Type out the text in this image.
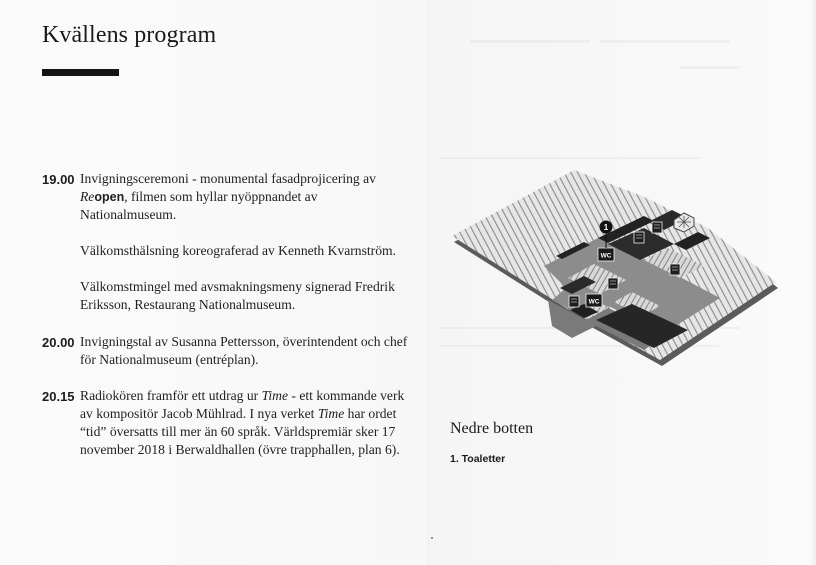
Kvällens program
19.00 Invigningsceremoni - monumental fasadprojicering av Reopen, filmen som hyllar nyöppnandet av Nationalmuseum.

Välkomsthälsning koreograferad av Kenneth Kvarnström.

Välkomstmingel med avsmakningsmeny signerad Fredrik Eriksson, Restaurang Nationalmuseum.

20.00 Invigningstal av Susanna Pettersson, överintendent och chef för Nationalmuseum (entréplan).

20.15 Radiokören framför ett utdrag ur Time - ett kommande verk av kompositör Jacob Mühlrad. I nya verket Time har ordet “tid” översatts till mer än 60 språk. Världspremiär sker 17 november 2018 i Berwaldhallen (övre trapphallen, plan 6).

WC
WC
1
Nedre botten
1. Toaletter
